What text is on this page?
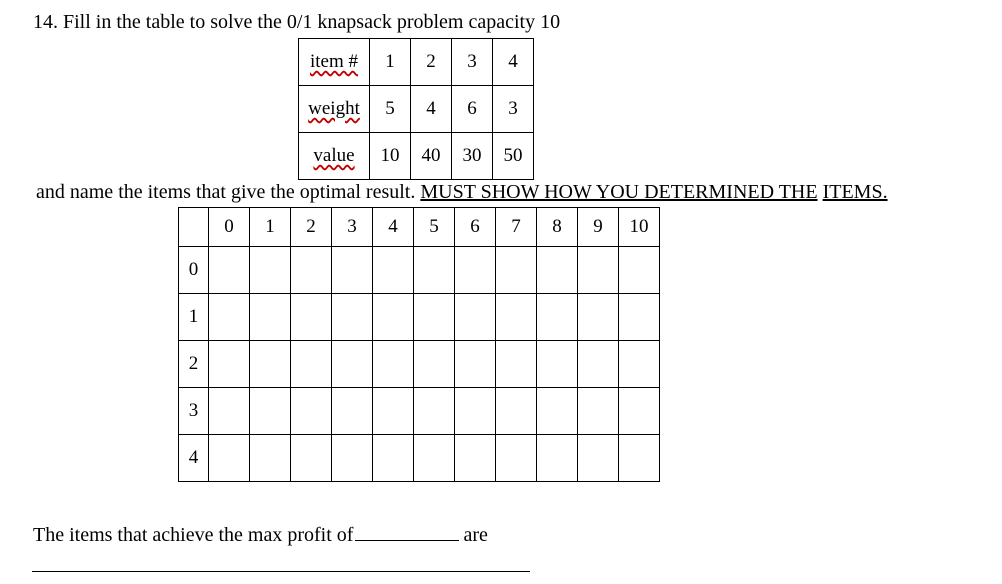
14. Fill in the table to solve the 0/1 knapsack problem capacity 10
item #	1	2	3	4
weight	5	4	6	3
value	10	40	30	50
and name the items that give the optimal result. MUST SHOW HOW YOU DETERMINED THE ITEMS.
	0	1	2	3	4	5	6	7	8	9	10
0											
1											
2											
3											
4											
The items that achieve the max profit of	are
